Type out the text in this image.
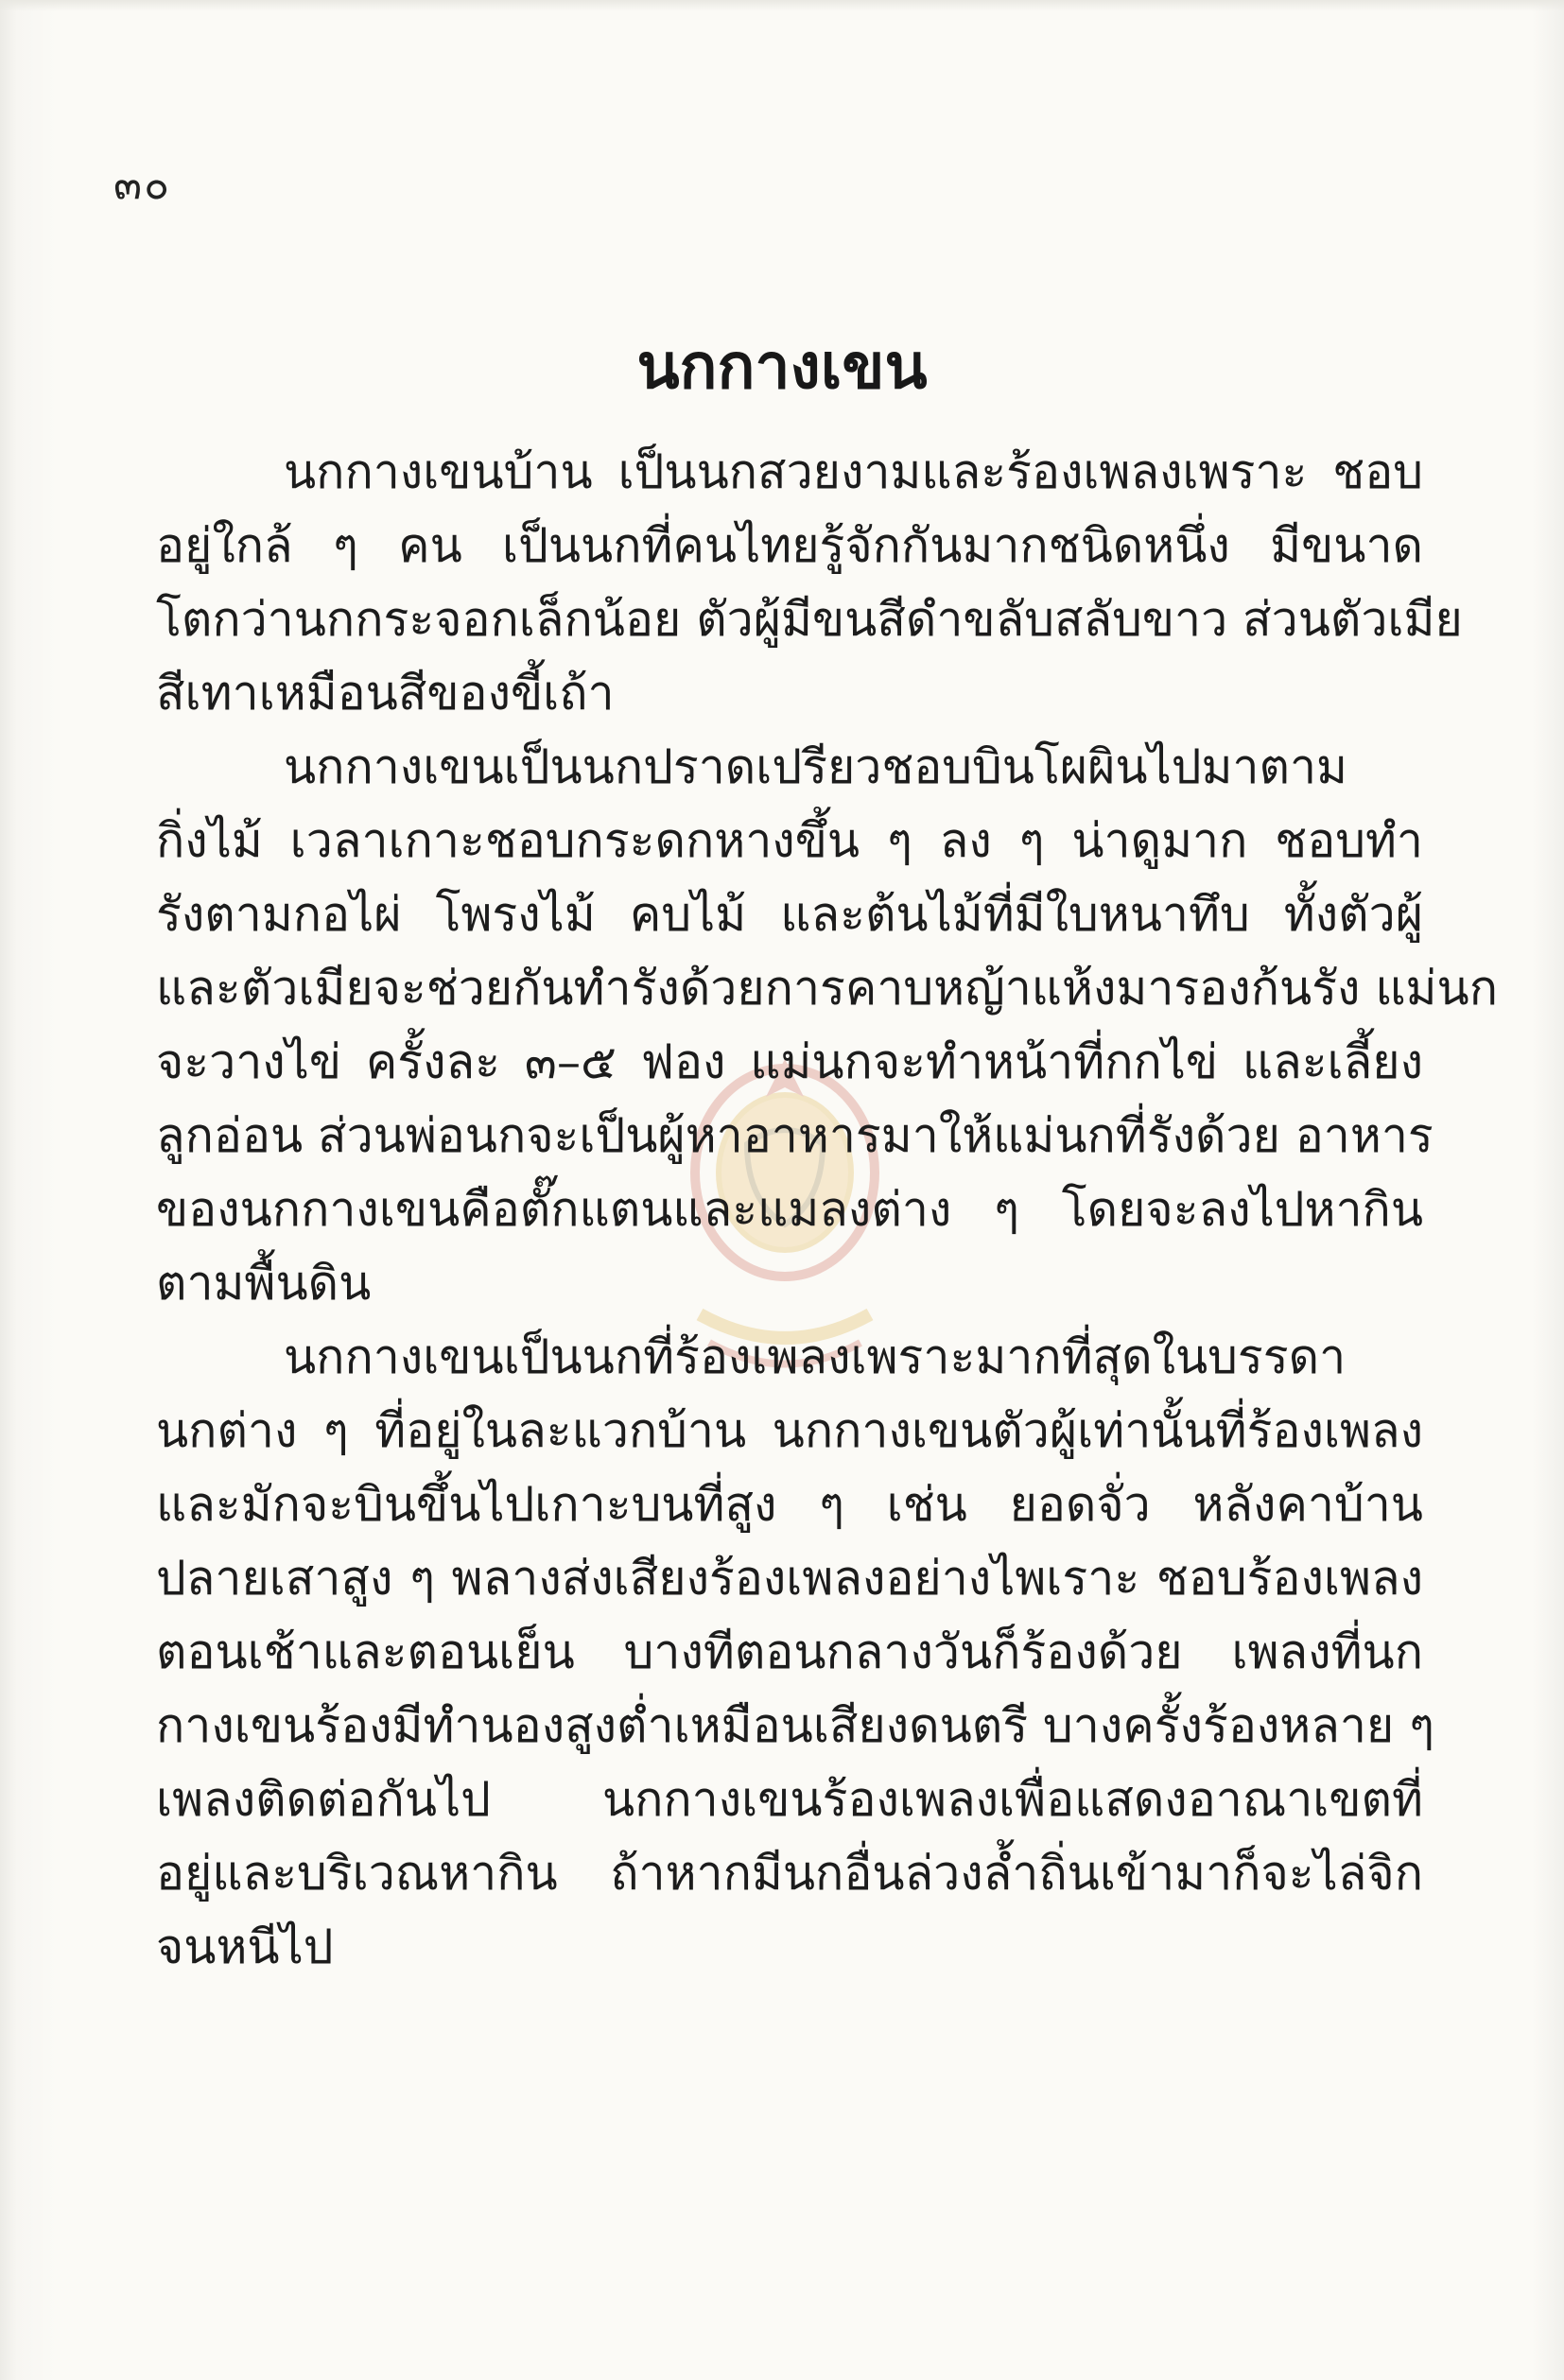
๓๐
นกกางเขน
นกกางเขนบ้าน เป็นนกสวยงามและร้องเพลงเพราะ ชอบ
อยู่ใกล้ ๆ คน เป็นนกที่คนไทยรู้จักกันมากชนิดหนึ่ง มีขนาด
โตกว่านกกระจอกเล็กน้อย ตัวผู้มีขนสีดำขลับสลับขาว ส่วนตัวเมีย
สีเทาเหมือนสีของขี้เถ้า
นกกางเขนเป็นนกปราดเปรียวชอบบินโผผินไปมาตาม
กิ่งไม้ เวลาเกาะชอบกระดกหางขึ้น ๆ ลง ๆ น่าดูมาก ชอบทำ
รังตามกอไผ่ โพรงไม้ คบไม้ และต้นไม้ที่มีใบหนาทึบ ทั้งตัวผู้
และตัวเมียจะช่วยกันทำรังด้วยการคาบหญ้าแห้งมารองก้นรัง แม่นก
จะวางไข่ ครั้งละ ๓–๕ ฟอง แม่นกจะทำหน้าที่กกไข่ และเลี้ยง
ลูกอ่อน ส่วนพ่อนกจะเป็นผู้หาอาหารมาให้แม่นกที่รังด้วย อาหาร
ของนกกางเขนคือตั๊กแตนและแมลงต่าง ๆ โดยจะลงไปหากิน
ตามพื้นดิน
นกกางเขนเป็นนกที่ร้องเพลงเพราะมากที่สุดในบรรดา
นกต่าง ๆ ที่อยู่ในละแวกบ้าน นกกางเขนตัวผู้เท่านั้นที่ร้องเพลง
และมักจะบินขึ้นไปเกาะบนที่สูง ๆ เช่น ยอดจั่ว หลังคาบ้าน
ปลายเสาสูง ๆ พลางส่งเสียงร้องเพลงอย่างไพเราะ ชอบร้องเพลง
ตอนเช้าและตอนเย็น บางทีตอนกลางวันก็ร้องด้วย เพลงที่นก
กางเขนร้องมีทำนองสูงต่ำเหมือนเสียงดนตรี บางครั้งร้องหลาย ๆ
เพลงติดต่อกันไป นกกางเขนร้องเพลงเพื่อแสดงอาณาเขตที่
อยู่และบริเวณหากิน ถ้าหากมีนกอื่นล่วงล้ำถิ่นเข้ามาก็จะไล่จิก
จนหนีไป
